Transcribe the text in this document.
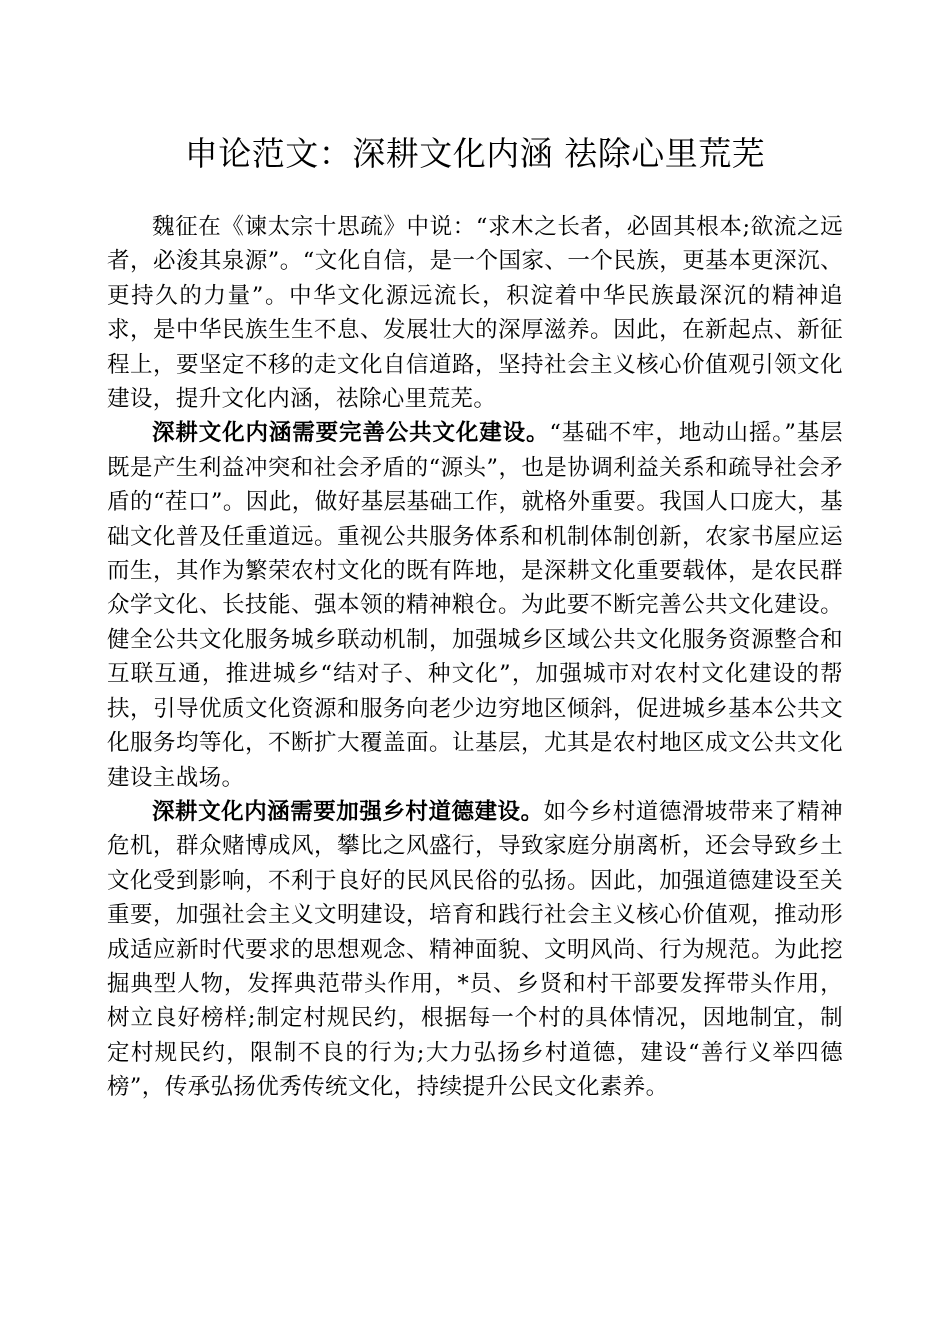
申论范文：深耕文化内涵 祛除心里荒芜

魏征在《谏太宗十思疏》中说：“求木之长者，必固其根本;欲流之远者，必浚其泉源”。“文化自信，是一个国家、一个民族，更基本更深沉、更持久的力量”。中华文化源远流长，积淀着中华民族最深沉的精神追求，是中华民族生生不息、发展壮大的深厚滋养。因此，在新起点、新征程上，要坚定不移的走文化自信道路，坚持社会主义核心价值观引领文化建设，提升文化内涵，祛除心里荒芜。

深耕文化内涵需要完善公共文化建设。“基础不牢，地动山摇。”基层既是产生利益冲突和社会矛盾的“源头”，也是协调利益关系和疏导社会矛盾的“茬口”。因此，做好基层基础工作，就格外重要。我国人口庞大，基础文化普及任重道远。重视公共服务体系和机制体制创新，农家书屋应运而生，其作为繁荣农村文化的既有阵地，是深耕文化重要载体，是农民群众学文化、长技能、强本领的精神粮仓。为此要不断完善公共文化建设。健全公共文化服务城乡联动机制，加强城乡区域公共文化服务资源整合和互联互通，推进城乡“结对子、种文化”，加强城市对农村文化建设的帮扶，引导优质文化资源和服务向老少边穷地区倾斜，促进城乡基本公共文化服务均等化，不断扩大覆盖面。让基层，尤其是农村地区成文公共文化建设主战场。

深耕文化内涵需要加强乡村道德建设。如今乡村道德滑坡带来了精神危机，群众赌博成风，攀比之风盛行，导致家庭分崩离析，还会导致乡土文化受到影响，不利于良好的民风民俗的弘扬。因此，加强道德建设至关重要，加强社会主义文明建设，培育和践行社会主义核心价值观，推动形成适应新时代要求的思想观念、精神面貌、文明风尚、行为规范。为此挖掘典型人物，发挥典范带头作用，*员、乡贤和村干部要发挥带头作用，树立良好榜样;制定村规民约，根据每一个村的具体情况，因地制宜，制定村规民约，限制不良的行为;大力弘扬乡村道德，建设“善行义举四德榜”，传承弘扬优秀传统文化，持续提升公民文化素养。
